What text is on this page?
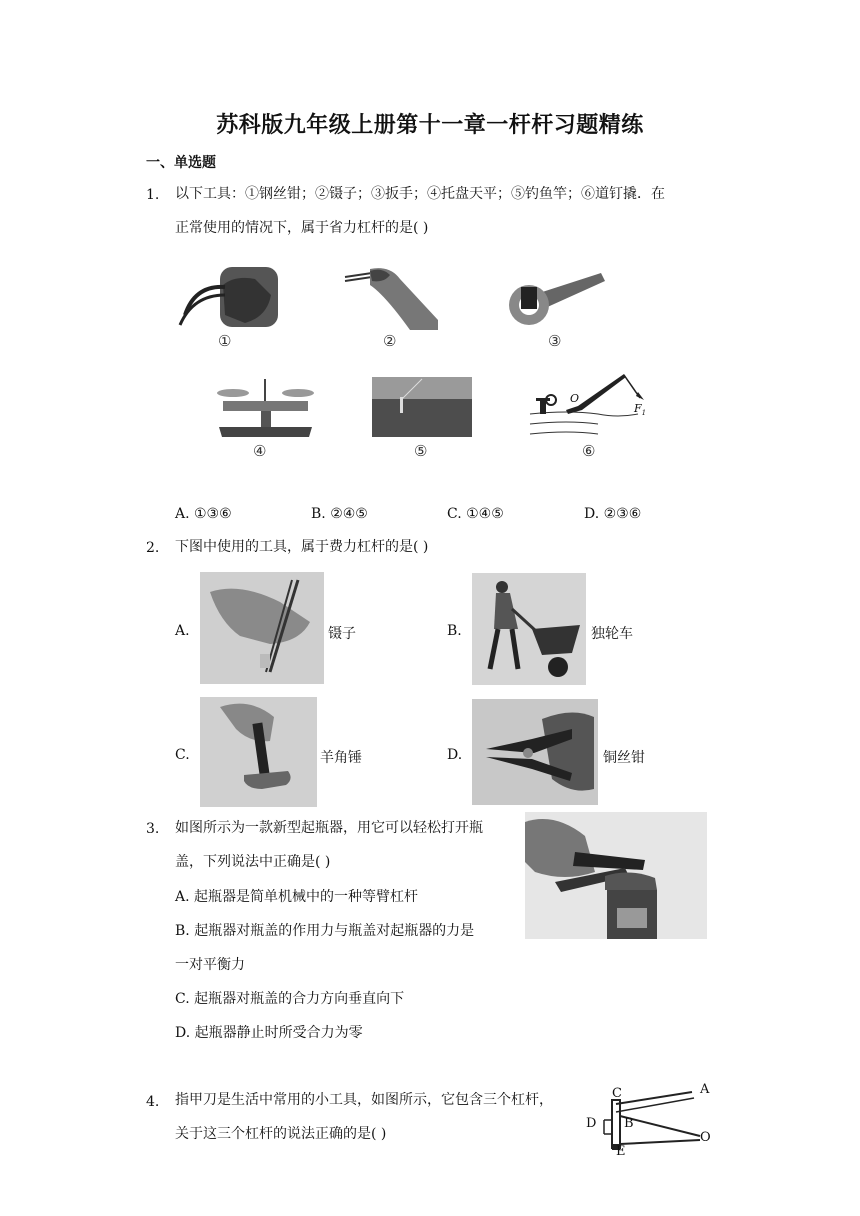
苏科版九年级上册第十一章一杆杆习题精练
一、单选题
1. 以下工具：①钢丝钳；②镊子；③扳手；④托盘天平；⑤钓鱼竿；⑥道钉撬．在
正常使用的情况下，属于省力杠杆的是( )
①	②	③
④	⑤
O
$F_1$
⑥
A. ①③⑥	B. ②④⑤	C. ①④⑤	D. ②③⑥
2. 下图中使用的工具，属于费力杠杆的是( )
A.	镊子	B.	独轮车
C.	羊角锤	D.	铜丝钳
3. 如图所示为一款新型起瓶器，用它可以轻松打开瓶
盖，下列说法中正确是( )
A. 起瓶器是简单机械中的一种等臂杠杆
B. 起瓶器对瓶盖的作用力与瓶盖对起瓶器的力是
一对平衡力
C. 起瓶器对瓶盖的合力方向垂直向下
D. 起瓶器静止时所受合力为零
4. 指甲刀是生活中常用的小工具，如图所示，它包含三个杠杆，
关于这三个杠杆的说法正确的是( )
C	A
D B
O
E
